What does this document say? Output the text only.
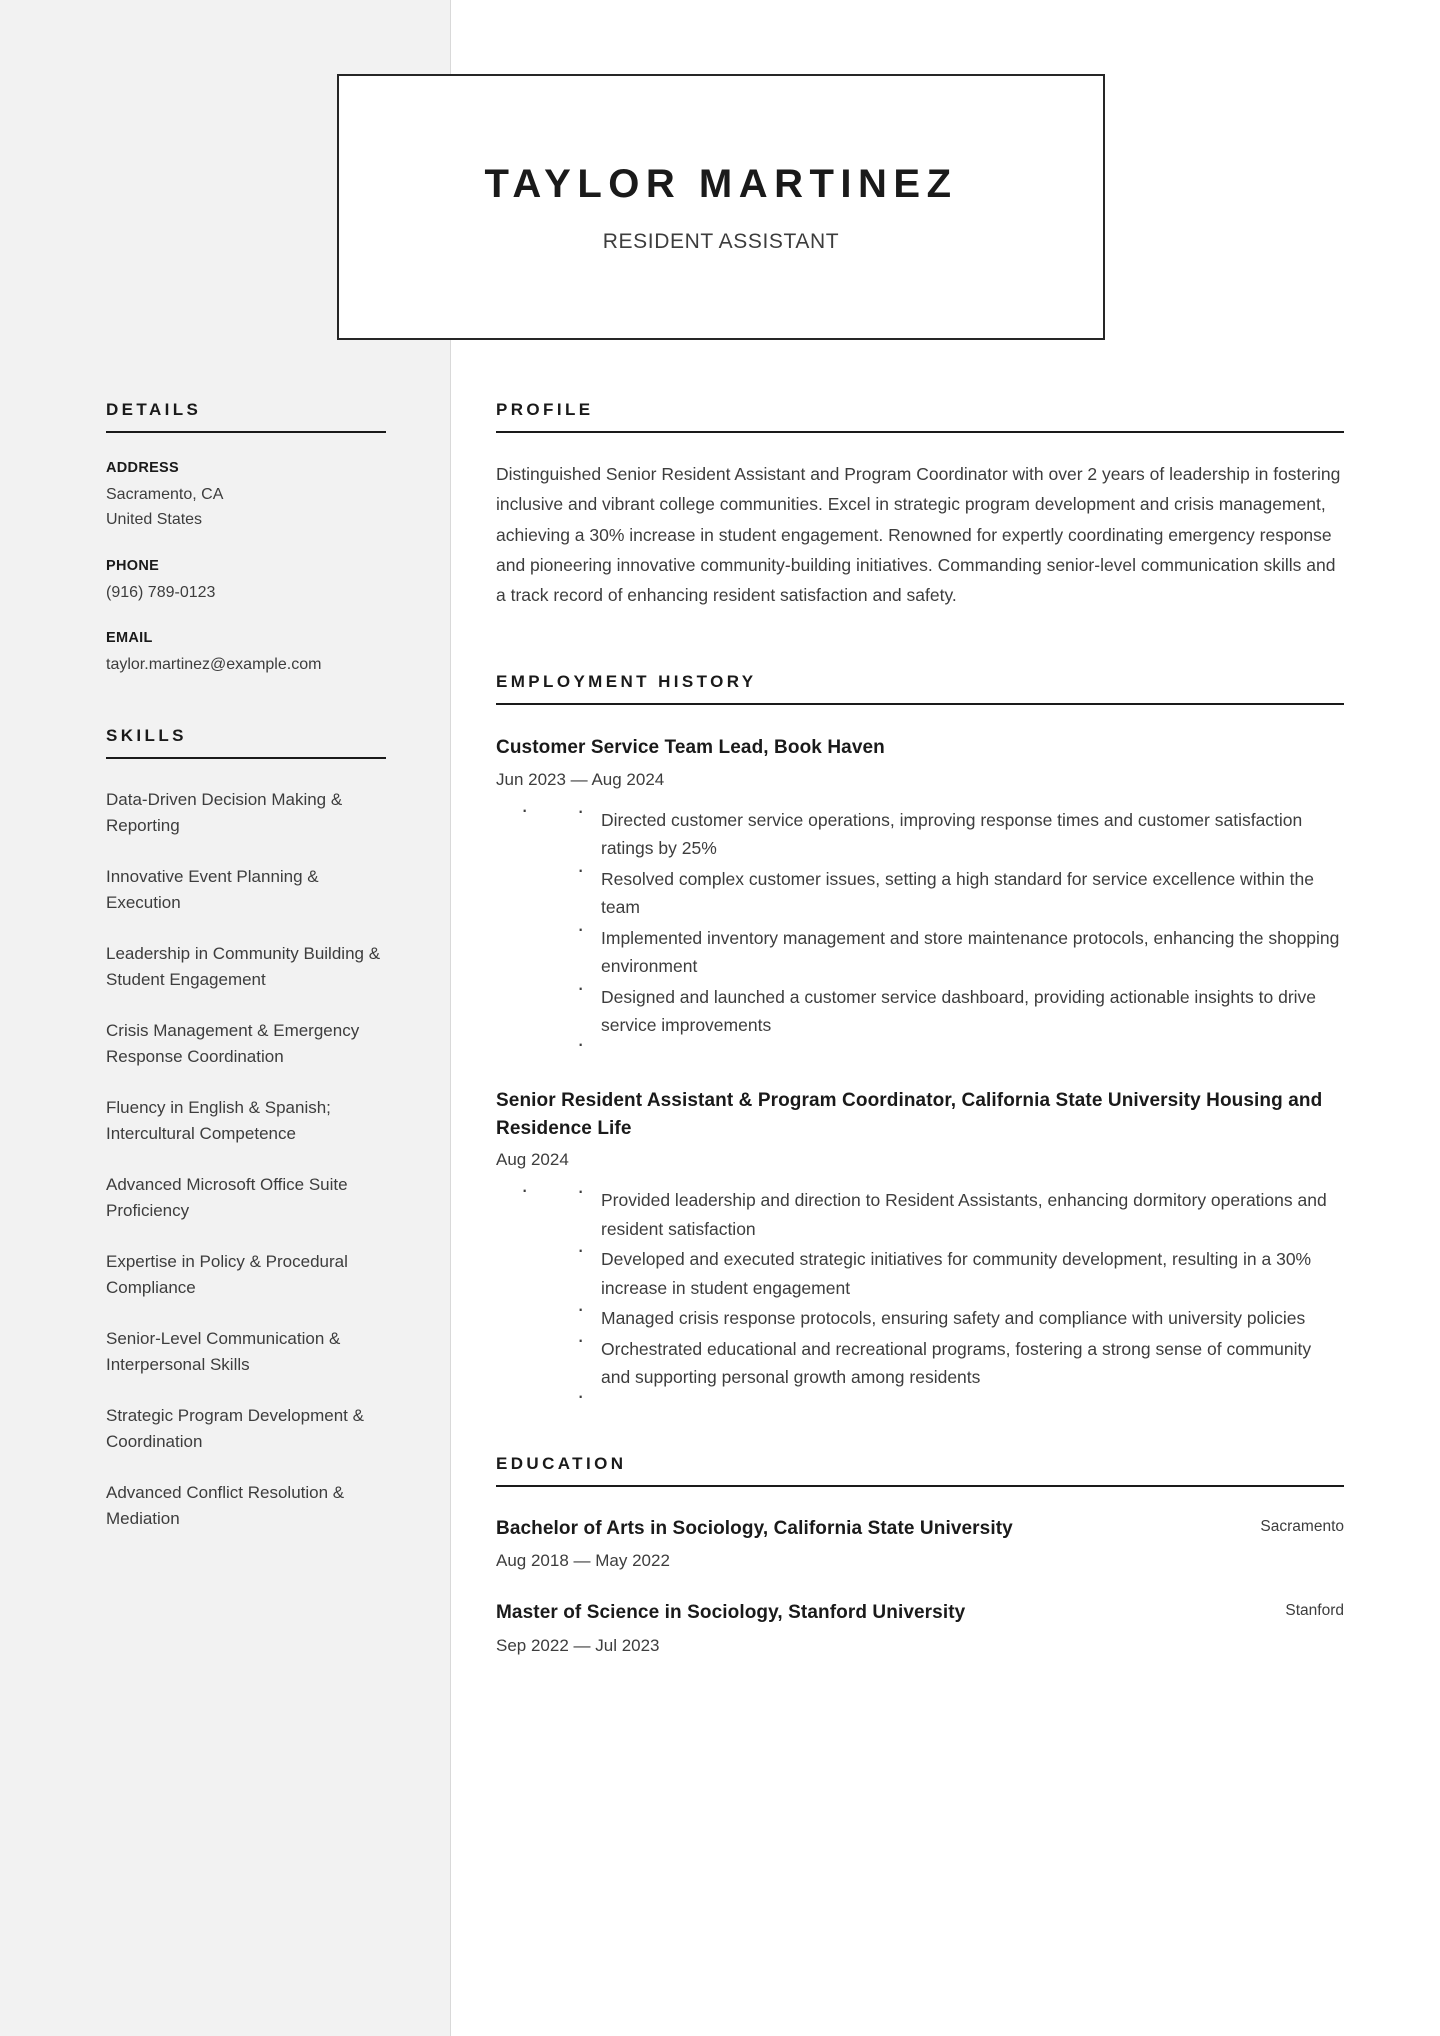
TAYLOR MARTINEZ
RESIDENT ASSISTANT
DETAILS
ADDRESS
Sacramento, CA
United States
PHONE
(916) 789-0123
EMAIL
taylor.martinez@example.com
SKILLS
Data-Driven Decision Making & Reporting
Innovative Event Planning & Execution
Leadership in Community Building & Student Engagement
Crisis Management & Emergency Response Coordination
Fluency in English & Spanish; Intercultural Competence
Advanced Microsoft Office Suite Proficiency
Expertise in Policy & Procedural Compliance
Senior-Level Communication & Interpersonal Skills
Strategic Program Development & Coordination
Advanced Conflict Resolution & Mediation
PROFILE
Distinguished Senior Resident Assistant and Program Coordinator with over 2 years of leadership in fostering inclusive and vibrant college communities. Excel in strategic program development and crisis management, achieving a 30% increase in student engagement. Renowned for expertly coordinating emergency response and pioneering innovative community-building initiatives. Commanding senior-level communication skills and a track record of enhancing resident satisfaction and safety.
EMPLOYMENT HISTORY
Customer Service Team Lead, Book Haven
Jun 2023 — Aug 2024
· · Directed customer service operations, improving response times and customer satisfaction ratings by 25%
· Resolved complex customer issues, setting a high standard for service excellence within the team
· Implemented inventory management and store maintenance protocols, enhancing the shopping environment
· Designed and launched a customer service dashboard, providing actionable insights to drive service improvements
·
Senior Resident Assistant & Program Coordinator, California State University Housing and Residence Life
Aug 2024
· · Provided leadership and direction to Resident Assistants, enhancing dormitory operations and resident satisfaction
· Developed and executed strategic initiatives for community development, resulting in a 30% increase in student engagement
· Managed crisis response protocols, ensuring safety and compliance with university policies
· Orchestrated educational and recreational programs, fostering a strong sense of community and supporting personal growth among residents
·
EDUCATION
Bachelor of Arts in Sociology, California State University
Aug 2018 — May 2022
Sacramento
Master of Science in Sociology, Stanford University
Sep 2022 — Jul 2023
Stanford
